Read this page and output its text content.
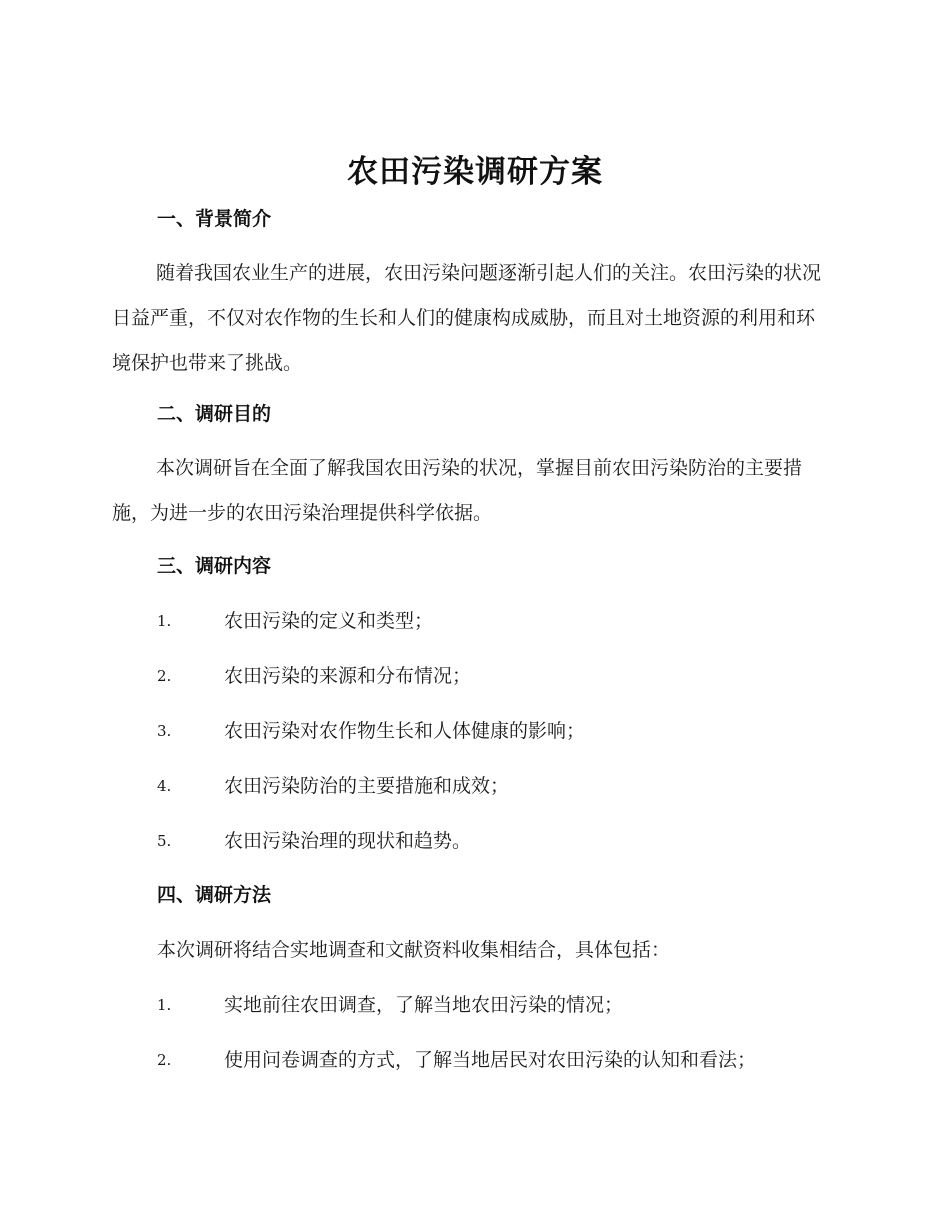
农田污染调研方案
一、背景简介
随着我国农业生产的进展，农田污染问题逐渐引起人们的关注。农田污染的状况日益严重，不仅对农作物的生长和人们的健康构成威胁，而且对土地资源的利用和环境保护也带来了挑战。
二、调研目的
本次调研旨在全面了解我国农田污染的状况，掌握目前农田污染防治的主要措施，为进一步的农田污染治理提供科学依据。
三、调研内容
1.	农田污染的定义和类型；
2.	农田污染的来源和分布情况；
3.	农田污染对农作物生长和人体健康的影响；
4.	农田污染防治的主要措施和成效；
5.	农田污染治理的现状和趋势。
四、调研方法
本次调研将结合实地调查和文献资料收集相结合，具体包括：
1.	实地前往农田调查，了解当地农田污染的情况；
2.	使用问卷调查的方式，了解当地居民对农田污染的认知和看法；
